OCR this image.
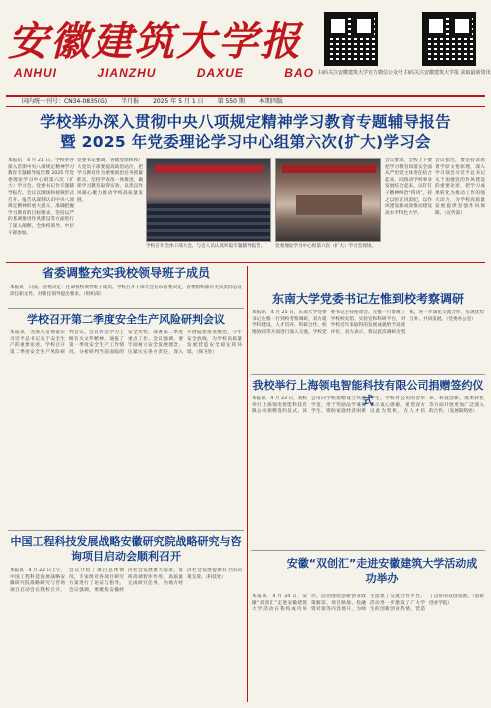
安徽建筑大学报
ANHUI	JIANZHU	DAXUE	BAO 扫码关注安徽建筑大学官方微信公众号 扫码关注安徽建筑大学报 获取最新资讯
国内统一刊号：CN34-0835(G) 半月报 2025 年 5 月 1 日 第 550 期 本期四版
学校举办深入贯彻中央八项规定精神学习教育专题辅导报告
暨 2025 年党委理论学习中心组第六次(扩大)学习会
本报讯　4 月 21 日，学校举办深入贯彻中央八项规定精神学习教育专题辅导报告暨 2025 年党委理论学习中心组第六次（扩大）学习会。党委书记作专题辅导报告。会议以现场和视频形式召开。报告从深刻认识中央八项规定精神的重大意义、准确把握学习教育的目标要求、坚持以严的基调推进作风建设等方面进行了深入阐释。全体校领导、中层干部参加。
党委书记强调，各级党组织和广大党员干部要提高政治站位，把学习教育作为重要政治任务抓紧抓实，坚持学查改一体推进，确保学习教育取得实效，以优良作风凝心聚力推动学校高质量发展。
学校召开全体干部大会，与会人员认真听取专题辅导报告。	党委理论学习中心组第六次（扩大）学习会现场。
会议要求，全校上下要把学习教育同落实全面从严治党主体责任结合起来，同推动学校事业发展结合起来，以钉钉子精神纠治“四风”，持之以恒正风肃纪，以作风建设新成效推动建设高水平特色大学。
会议指出，要坚持读原著学原文悟原理，深入学习领会习近平总书记关于加强党的作风建设的重要论述，把学习成果转化为推动工作的强大动力，为学校高质量发展提供坚强作风保障。（宣传部）
省委调整充实我校领导班子成员
本报讯　日前，省委决定：任命我校领导班子成员。学校召开干部大会宣布省委决定，省委组织部有关负责同志宣读任职文件，对新任领导提出要求。（组织部）
学校召开第二季度安全生产风险研判会议
本报讯　为深入贯彻落实习近平总书记关于安全生产的重要论述，学校召开第二季度安全生产风险研判会议。会议传达学习上级有关文件精神，通报了第一季度安全生产工作情况，分析研判当前面临的安全形势，部署第二季度重点工作。会议强调，要牢固树立安全发展理念，压紧压实各方责任，深入开展隐患排查整治，守牢安全底线，为学校高质量发展营造安全稳定的环境。（保卫处）
中国工程科技发展战略安徽研究院战略研究与咨询项目启动会顺利召开
本报讯　4 月 22 日上午，中国工程科技发展战略安徽研究院战略研究与咨询项目启动会在我校召开。会议介绍了项目总体情况，专家组对各项目研究方案进行了论证与指导。会议强调，要聚焦安徽经济社会发展重大需求，发挥高端智库作用，高质量完成研究任务，为地方经济社会发展提供有力的决策支撑。（科技处）
东南大学党委书记左惟到校考察调研
本报讯　4 月 25 日，东南大学党委书记左惟一行到校考察调研，双方就学科建设、人才培养、科研合作、校地协同等方面进行深入交流。学校党委书记主持座谈会。左惟一行参观了学校校史馆、实验室和科研平台，对学校近年来取得的发展成就给予高度评价。双方表示，将以此次调研为契机，进一步深化交流合作，实现优势互补、共同发展。（党委办公室）
我校举行上海领电智能科技有限公司捐赠签约仪式
本报讯　4 月 23 日，我校举行上海领电智能科技有限公司捐赠签约仪式。该公司向学校捐赠设立奖助学金，用于奖励品学兼优学生、资助家庭经济困难学生。学校对公司的善举表示衷心感谢，希望双方以此为契机，在人才培养、科技创新、成果转化等方面开展更加广泛深入的合作。（发展联络处）
安徽“双创汇”走进安徽建筑大学活动成功举办
本报讯　4 月 24 日，安徽“双创汇”走进安徽建筑大学活动在我校成功举办。活动围绕创新创业政策解读、项目路演、投融资对接等内容展开，为师生搭建了交流合作平台。活动进一步激发了广大学生的创新创业热情，营造了良好的双创氛围。（创新创业学院）
